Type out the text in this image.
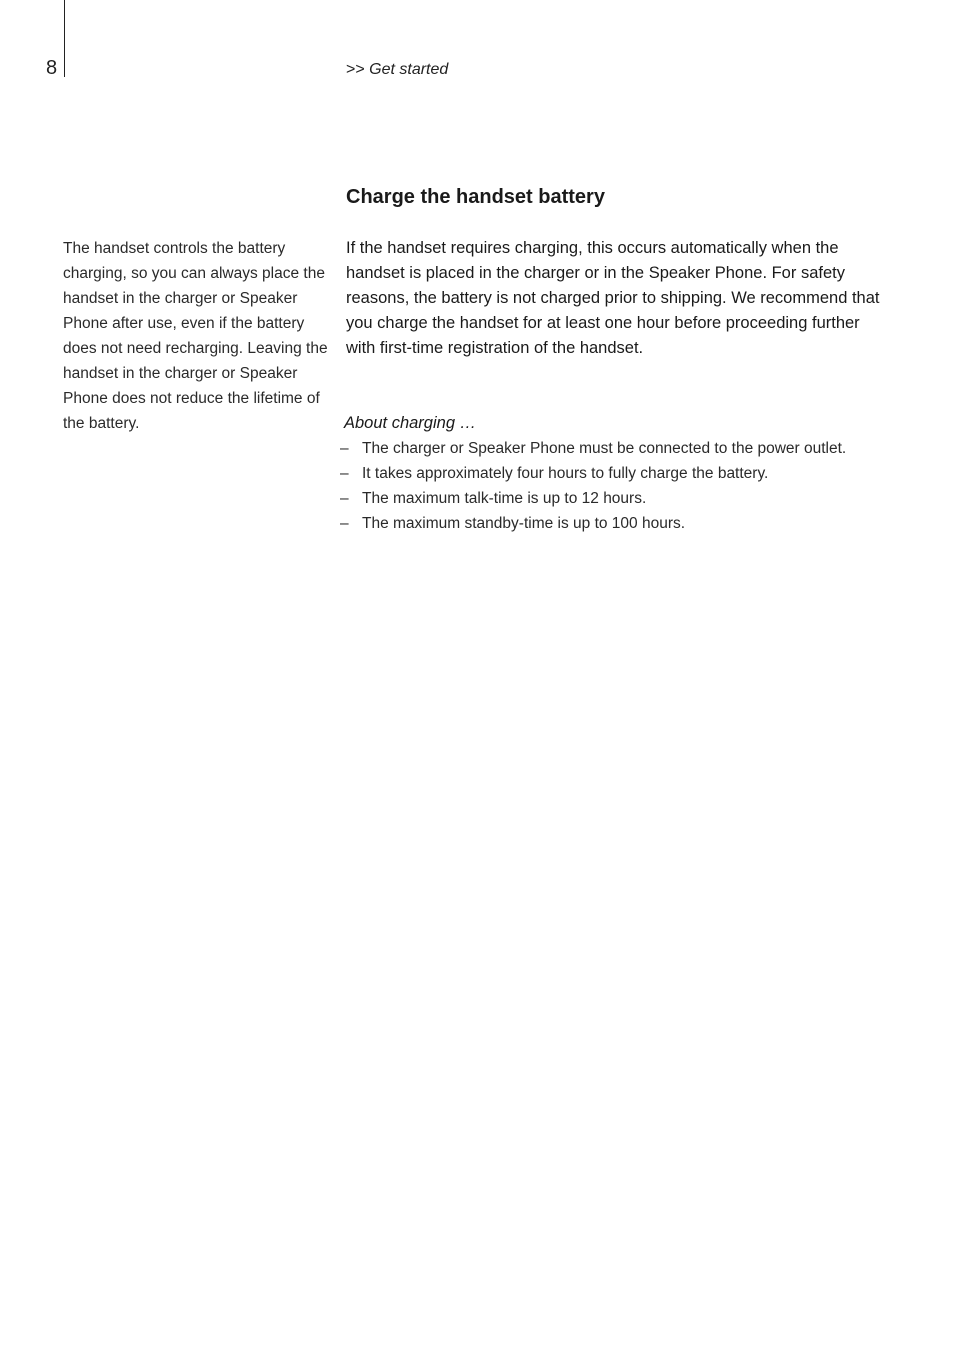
8	>> Get started
Charge the handset battery

The handset controls the battery charging, so you can always place the handset in the charger or Speaker Phone after use, even if the battery does not need recharging. Leaving the handset in the charger or Speaker Phone does not reduce the lifetime of the battery.

If the handset requires charging, this occurs automatically when the handset is placed in the charger or in the Speaker Phone. For safety reasons, the battery is not charged prior to shipping. We recommend that you charge the handset for at least one hour before proceeding further with first-time registration of the handset.

About charging …

– The charger or Speaker Phone must be connected to the power outlet.
– It takes approximately four hours to fully charge the battery.
– The maximum talk-time is up to 12 hours.
– The maximum standby-time is up to 100 hours.
